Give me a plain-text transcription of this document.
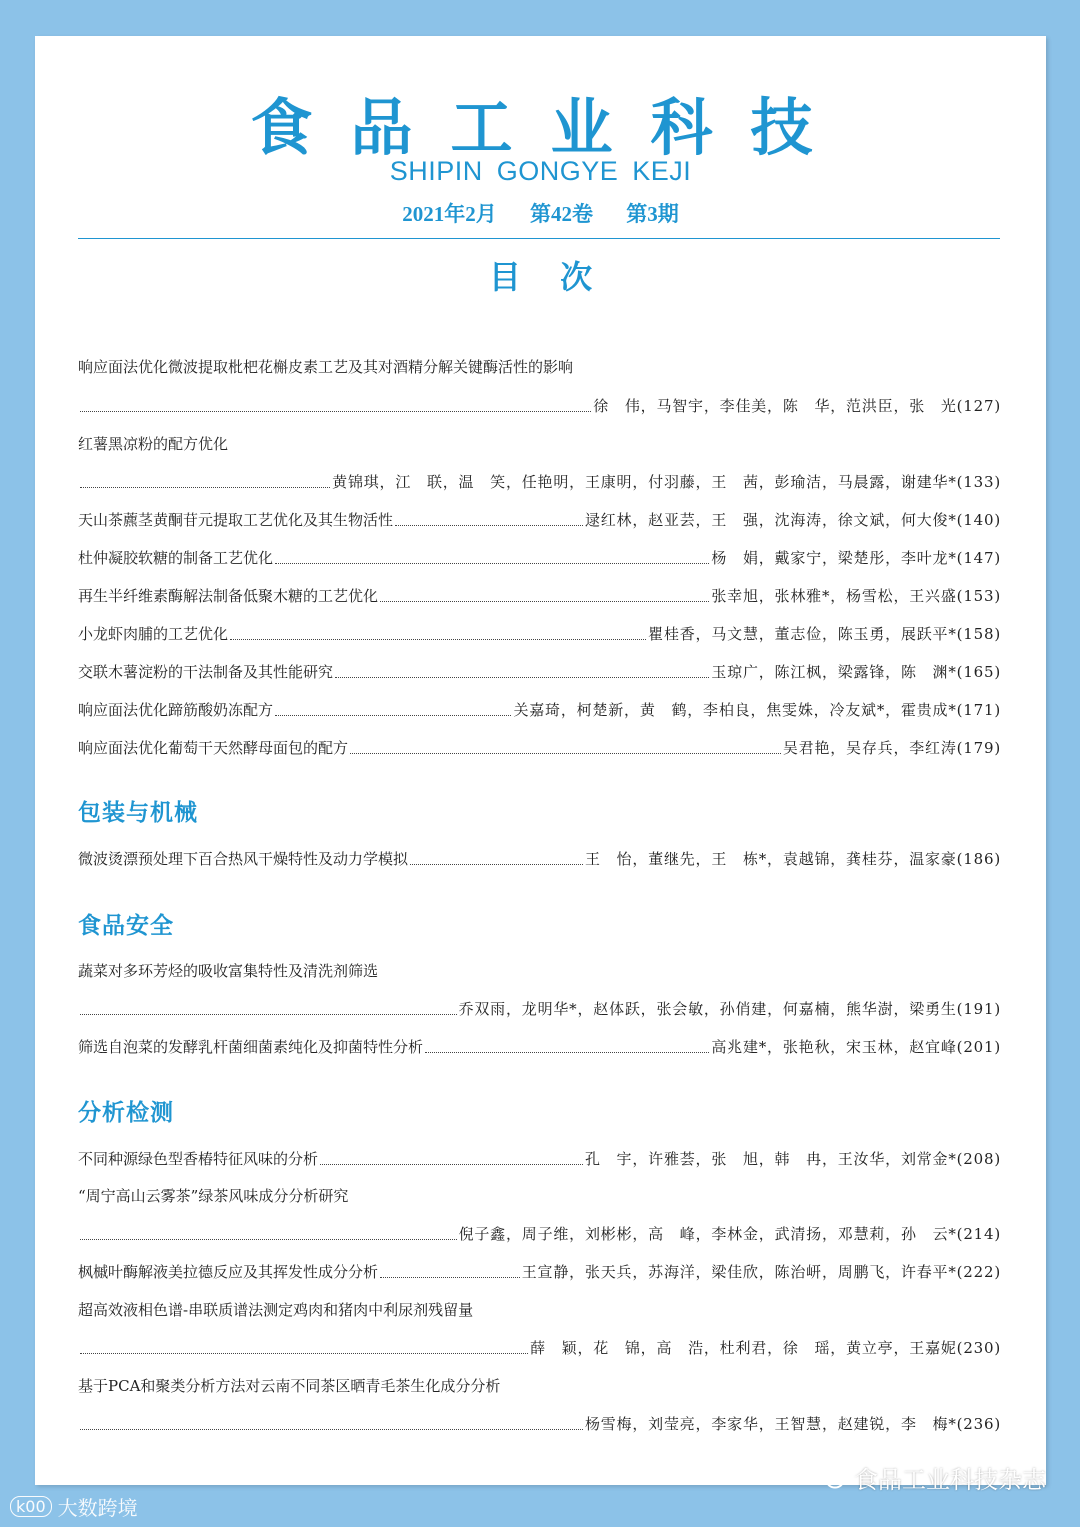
食品工业科技
SHIPIN GONGYE KEJI
2021年2月 第42卷 第3期
目 次
响应面法优化微波提取枇杷花槲皮素工艺及其对酒精分解关键酶活性的影响
徐　伟，马智宇，李佳美，陈　华，范洪臣，张　光(127)
红薯黑凉粉的配方优化
黄锦琪，江　联，温　笑，任艳明，王康明，付羽藤，王　茜，彭瑜洁，马晨露，谢建华*(133)
天山茶藨茎黄酮苷元提取工艺优化及其生物活性	逯红林，赵亚芸，王　强，沈海涛，徐文斌，何大俊*(140)
杜仲凝胶软糖的制备工艺优化	杨　娟，戴家宁，梁楚彤，李叶龙*(147)
再生半纤维素酶解法制备低聚木糖的工艺优化	张幸旭，张林雅*，杨雪松，王兴盛(153)
小龙虾肉脯的工艺优化	瞿桂香，马文慧，董志俭，陈玉勇，展跃平*(158)
交联木薯淀粉的干法制备及其性能研究	玉琼广，陈江枫，梁露锋，陈　渊*(165)
响应面法优化蹄筋酸奶冻配方	关嘉琦，柯楚新，黄　鹤，李柏良，焦雯姝，冷友斌*，霍贵成*(171)
响应面法优化葡萄干天然酵母面包的配方	吴君艳，吴存兵，李红涛(179)
包装与机械
微波烫漂预处理下百合热风干燥特性及动力学模拟	王　怡，董继先，王　栋*，袁越锦，龚桂芬，温家豪(186)
食品安全
蔬菜对多环芳烃的吸收富集特性及清洗剂筛选
乔双雨，龙明华*，赵体跃，张会敏，孙俏建，何嘉楠，熊华澍，梁勇生(191)
筛选自泡菜的发酵乳杆菌细菌素纯化及抑菌特性分析	高兆建*，张艳秋，宋玉林，赵宜峰(201)
分析检测
不同种源绿色型香椿特征风味的分析	孔　宇，许雅荟，张　旭，韩　冉，王汝华，刘常金*(208)
“周宁高山云雾茶”绿茶风味成分分析研究
倪子鑫，周子维，刘彬彬，高　峰，李林金，武清扬，邓慧莉，孙　云*(214)
枫槭叶酶解液美拉德反应及其挥发性成分分析	王宣静，张天兵，苏海洋，梁佳欣，陈治岍，周鹏飞，许春平*(222)
超高效液相色谱-串联质谱法测定鸡肉和猪肉中利尿剂残留量
薛　颖，花　锦，高　浩，杜利君，徐　瑶，黄立亭，王嘉妮(230)
基于PCA和聚类分析方法对云南不同茶区晒青毛茶生化成分分析
杨雪梅，刘莹亮，李家华，王智慧，赵建锐，李　梅*(236)
k00 大数跨境
食品工业科技杂志
